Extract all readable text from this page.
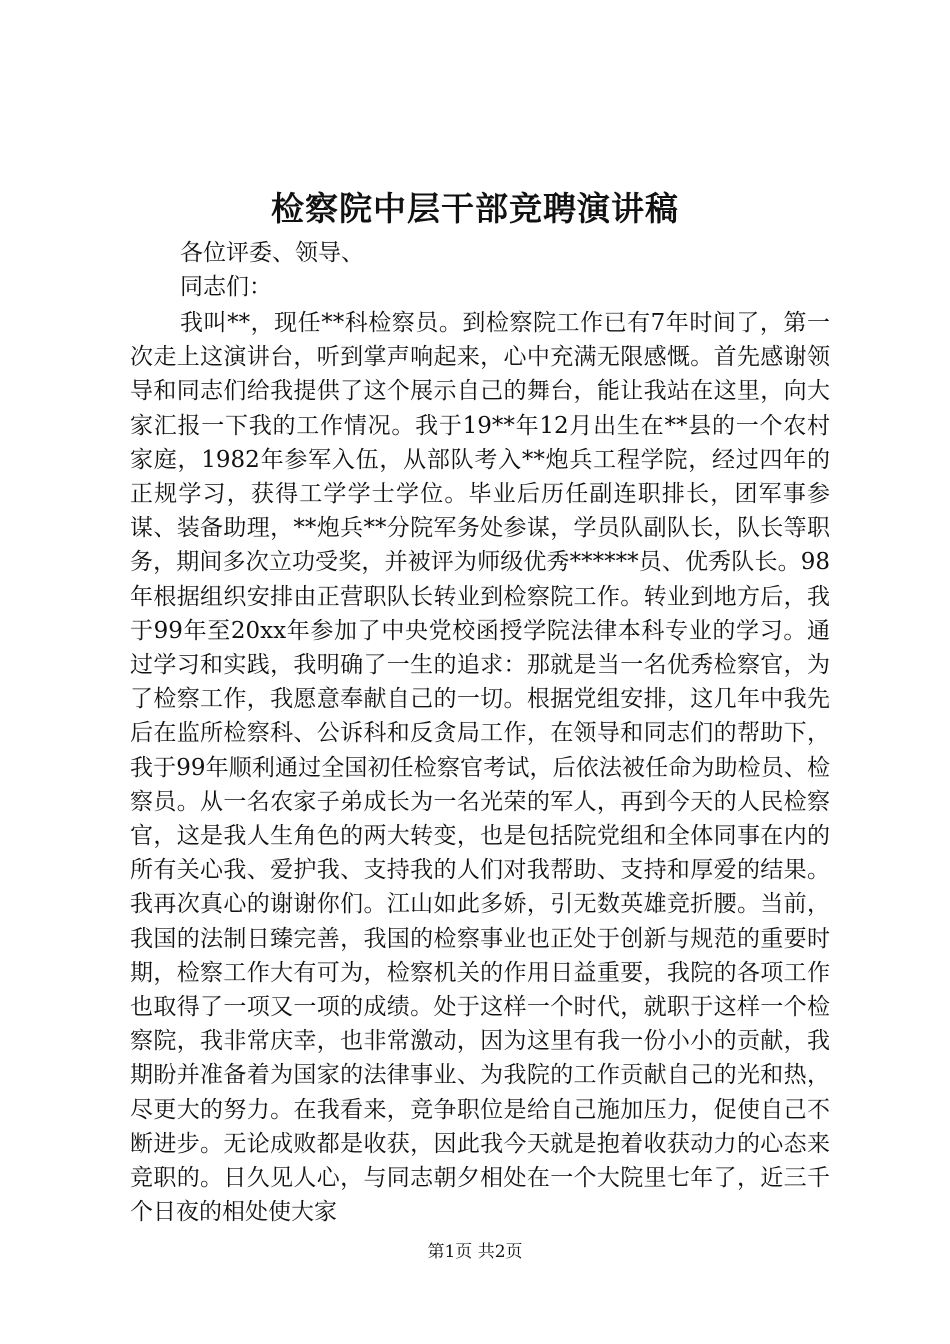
检察院中层干部竞聘演讲稿

各位评委、领导、

同志们：

我叫**，现任**科检察员。到检察院工作已有7年时间了，第一次走上这演讲台，听到掌声响起来，心中充满无限感慨。首先感谢领导和同志们给我提供了这个展示自己的舞台，能让我站在这里，向大家汇报一下我的工作情况。我于19**年12月出生在**县的一个农村家庭，1982年参军入伍，从部队考入**炮兵工程学院，经过四年的正规学习，获得工学学士学位。毕业后历任副连职排长，团军事参谋、装备助理，**炮兵**分院军务处参谋，学员队副队长，队长等职务，期间多次立功受奖，并被评为师级优秀******员、优秀队长。98年根据组织安排由正营职队长转业到检察院工作。转业到地方后，我于99年至20xx年参加了中央党校函授学院法律本科专业的学习。通过学习和实践，我明确了一生的追求：那就是当一名优秀检察官，为了检察工作，我愿意奉献自己的一切。根据党组安排，这几年中我先后在监所检察科、公诉科和反贪局工作，在领导和同志们的帮助下，我于99年顺利通过全国初任检察官考试，后依法被任命为助检员、检察员。从一名农家子弟成长为一名光荣的军人，再到今天的人民检察官，这是我人生角色的两大转变，也是包括院党组和全体同事在内的所有关心我、爱护我、支持我的人们对我帮助、支持和厚爱的结果。我再次真心的谢谢你们。江山如此多娇，引无数英雄竞折腰。当前，我国的法制日臻完善，我国的检察事业也正处于创新与规范的重要时期，检察工作大有可为，检察机关的作用日益重要，我院的各项工作也取得了一项又一项的成绩。处于这样一个时代，就职于这样一个检察院，我非常庆幸，也非常激动，因为这里有我一份小小的贡献，我期盼并准备着为国家的法律事业、为我院的工作贡献自己的光和热，尽更大的努力。在我看来，竞争职位是给自己施加压力，促使自己不断进步。无论成败都是收获，因此我今天就是抱着收获动力的心态来竞职的。日久见人心，与同志朝夕相处在一个大院里七年了，近三千个日夜的相处使大家

第1页 共2页
